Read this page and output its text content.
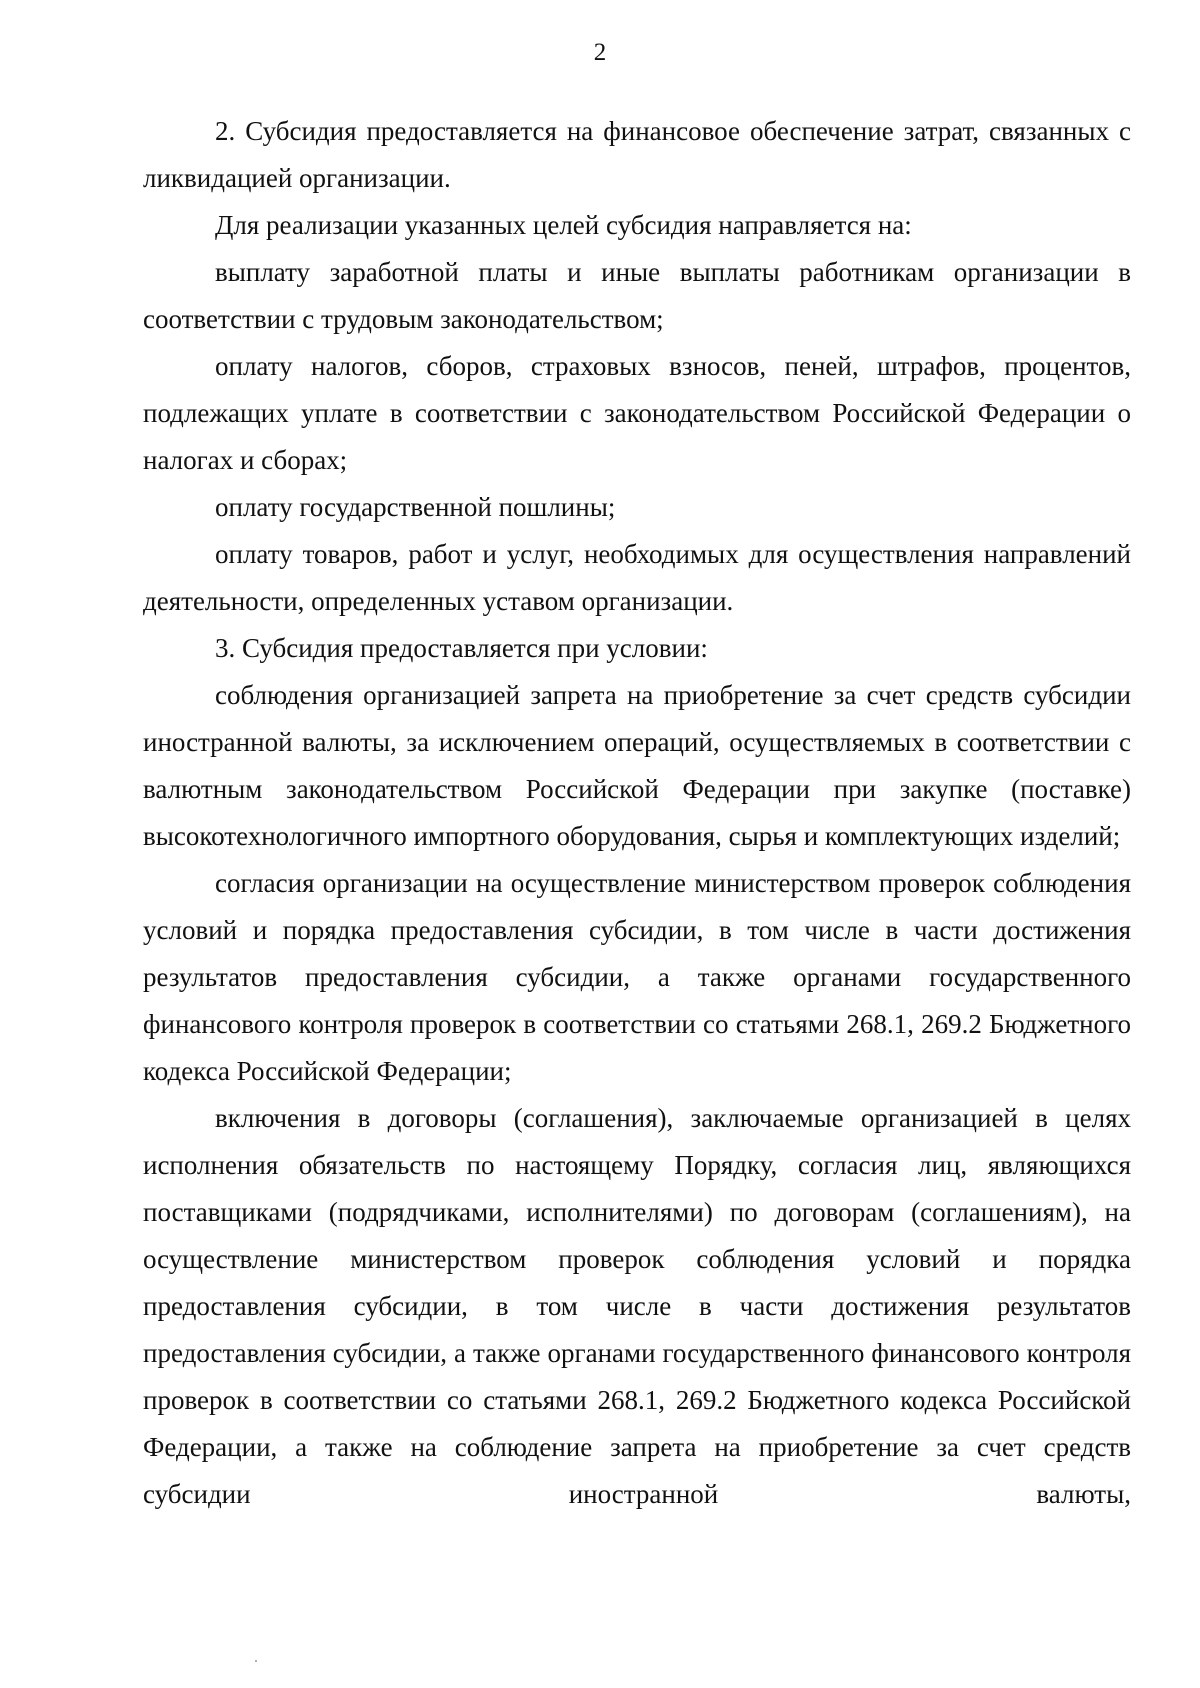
2

2. Субсидия предоставляется на финансовое обеспечение затрат, связанных с ликвидацией организации.

Для реализации указанных целей субсидия направляется на:

выплату заработной платы и иные выплаты работникам организации в соответствии с трудовым законодательством;

оплату налогов, сборов, страховых взносов, пеней, штрафов, процентов, подлежащих уплате в соответствии с законодательством Российской Федерации о налогах и сборах;

оплату государственной пошлины;

оплату товаров, работ и услуг, необходимых для осуществления направлений деятельности, определенных уставом организации.

3. Субсидия предоставляется при условии:

соблюдения организацией запрета на приобретение за счет средств субсидии иностранной валюты, за исключением операций, осуществляемых в соответствии с валютным законодательством Российской Федерации при закупке (поставке) высокотехнологичного импортного оборудования, сырья и комплектующих изделий;

согласия организации на осуществление министерством проверок соблюдения условий и порядка предоставления субсидии, в том числе в части достижения результатов предоставления субсидии, а также органами государственного финансового контроля проверок в соответствии со статьями 268.1, 269.2 Бюджетного кодекса Российской Федерации;

включения в договоры (соглашения), заключаемые организацией в целях исполнения обязательств по настоящему Порядку, согласия лиц, являющихся поставщиками (подрядчиками, исполнителями) по договорам (соглашениям), на осуществление министерством проверок соблюдения условий и порядка предоставления субсидии, в том числе в части достижения результатов предоставления субсидии, а также органами государственного финансового контроля проверок в соответствии со статьями 268.1, 269.2 Бюджетного кодекса Российской Федерации, а также на соблюдение запрета на приобретение за счет средств субсидии иностранной валюты,
